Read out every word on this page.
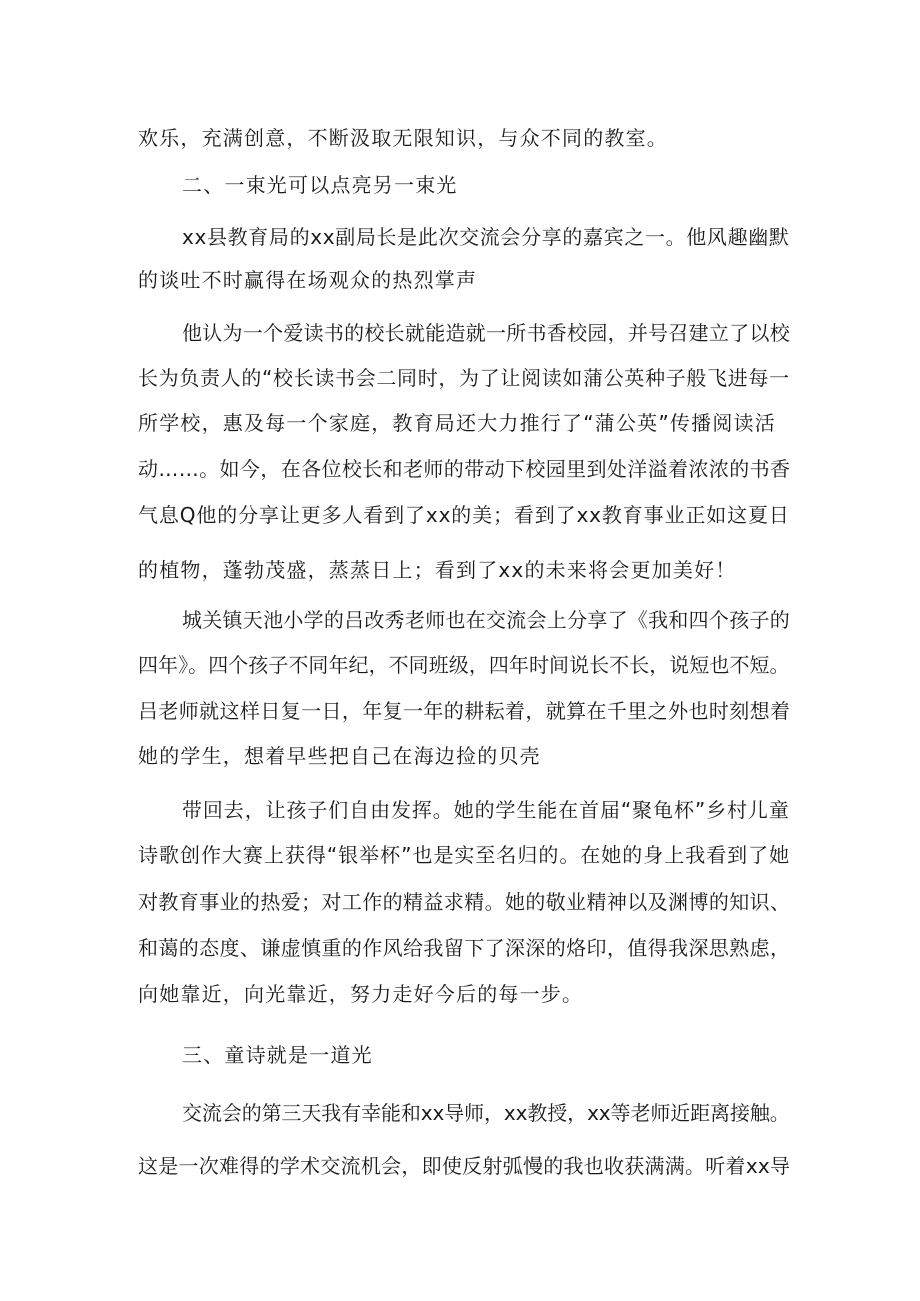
欢乐，充满创意，不断汲取无限知识，与众不同的教室。
二、一束光可以点亮另一束光
xx县教育局的xx副局长是此次交流会分享的嘉宾之一。他风趣幽默
的谈吐不时赢得在场观众的热烈掌声
他认为一个爱读书的校长就能造就一所书香校园，并号召建立了以校
长为负责人的“校长读书会二同时，为了让阅读如蒲公英种子般飞进每一
所学校，惠及每一个家庭，教育局还大力推行了“蒲公英”传播阅读活
动……。如今，在各位校长和老师的带动下校园里到处洋溢着浓浓的书香
气息Q他的分享让更多人看到了xx的美；看到了xx教育事业正如这夏日
的植物，蓬勃茂盛，蒸蒸日上；看到了xx的未来将会更加美好！
城关镇天池小学的吕改秀老师也在交流会上分享了《我和四个孩子的
四年》。四个孩子不同年纪，不同班级，四年时间说长不长，说短也不短。
吕老师就这样日复一日，年复一年的耕耘着，就算在千里之外也时刻想着
她的学生，想着早些把自己在海边捡的贝壳
带回去，让孩子们自由发挥。她的学生能在首届“聚龟杯”乡村儿童
诗歌创作大赛上获得“银举杯”也是实至名归的。在她的身上我看到了她
对教育事业的热爱；对工作的精益求精。她的敬业精神以及渊博的知识、
和蔼的态度、谦虚慎重的作风给我留下了深深的烙印，值得我深思熟虑，
向她靠近，向光靠近，努力走好今后的每一步。
三、童诗就是一道光
交流会的第三天我有幸能和xx导师，xx教授，xx等老师近距离接触。
这是一次难得的学术交流机会，即使反射弧慢的我也收获满满。听着xx导
